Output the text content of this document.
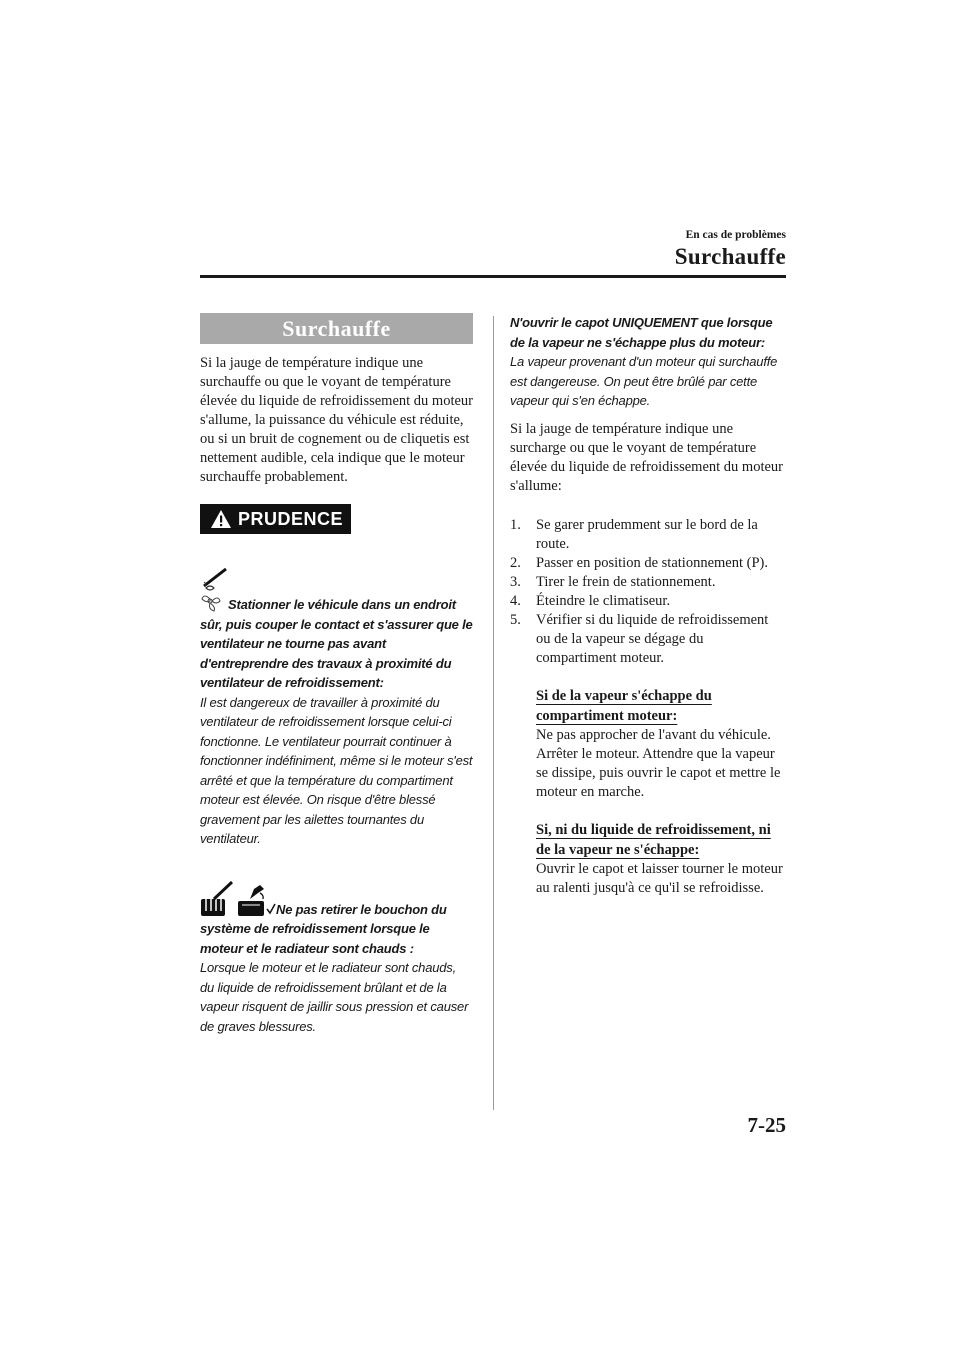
En cas de problèmes
Surchauffe
Surchauffe

Si la jauge de température indique une surchauffe ou que le voyant de température élevée du liquide de refroidissement du moteur s'allume, la puissance du véhicule est réduite, ou si un bruit de cognement ou de cliquetis est nettement audible, cela indique que le moteur surchauffe probablement.

PRUDENCE

Stationner le véhicule dans un endroit sûr, puis couper le contact et s'assurer que le ventilateur ne tourne pas avant d'entreprendre des travaux à proximité du ventilateur de refroidissement:

Il est dangereux de travailler à proximité du ventilateur de refroidissement lorsque celui-ci fonctionne. Le ventilateur pourrait continuer à fonctionner indéfiniment, même si le moteur s'est arrêté et que la température du compartiment moteur est élevée. On risque d'être blessé gravement par les ailettes tournantes du ventilateur.

Ne pas retirer le bouchon du système de refroidissement lorsque le moteur et le radiateur sont chauds :

Lorsque le moteur et le radiateur sont chauds, du liquide de refroidissement brûlant et de la vapeur risquent de jaillir sous pression et causer de graves blessures.

N'ouvrir le capot UNIQUEMENT que lorsque de la vapeur ne s'échappe plus du moteur:

La vapeur provenant d'un moteur qui surchauffe est dangereuse. On peut être brûlé par cette vapeur qui s'en échappe.

Si la jauge de température indique une surcharge ou que le voyant de température élevée du liquide de refroidissement du moteur s'allume:

1.	Se garer prudemment sur le bord de la route.
2.	Passer en position de stationnement (P).
3.	Tirer le frein de stationnement.
4.	Éteindre le climatiseur.
5.	Vérifier si du liquide de refroidissement ou de la vapeur se dégage du compartiment moteur.

Si de la vapeur s'échappe du compartiment moteur:

Ne pas approcher de l'avant du véhicule. Arrêter le moteur. Attendre que la vapeur se dissipe, puis ouvrir le capot et mettre le moteur en marche.

Si, ni du liquide de refroidissement, ni de la vapeur ne s'échappe:

Ouvrir le capot et laisser tourner le moteur au ralenti jusqu'à ce qu'il se refroidisse.

7-25
